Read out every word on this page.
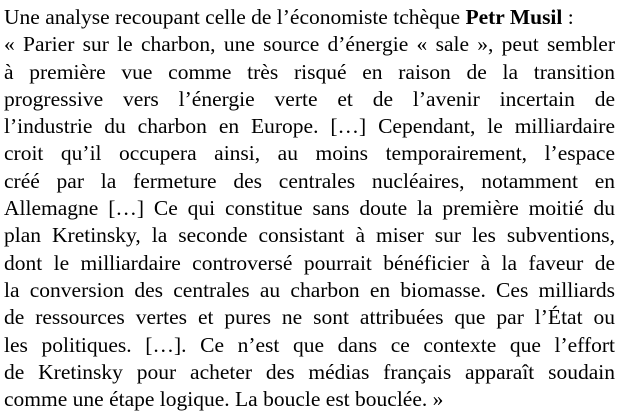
Une analyse recoupant celle de l’économiste tchèque Petr Musil :
« Parier sur le charbon, une source d’énergie « sale », peut sembler
à première vue comme très risqué en raison de la transition
progressive vers l’énergie verte et de l’avenir incertain de
l’industrie du charbon en Europe. […] Cependant, le milliardaire
croit qu’il occupera ainsi, au moins temporairement, l’espace
créé par la fermeture des centrales nucléaires, notamment en
Allemagne […] Ce qui constitue sans doute la première moitié du
plan Kretinsky, la seconde consistant à miser sur les subventions,
dont le milliardaire controversé pourrait bénéficier à la faveur de
la conversion des centrales au charbon en biomasse. Ces milliards
de ressources vertes et pures ne sont attribuées que par l’État ou
les politiques. […]. Ce n’est que dans ce contexte que l’effort
de Kretinsky pour acheter des médias français apparaît soudain
comme une étape logique. La boucle est bouclée. »
